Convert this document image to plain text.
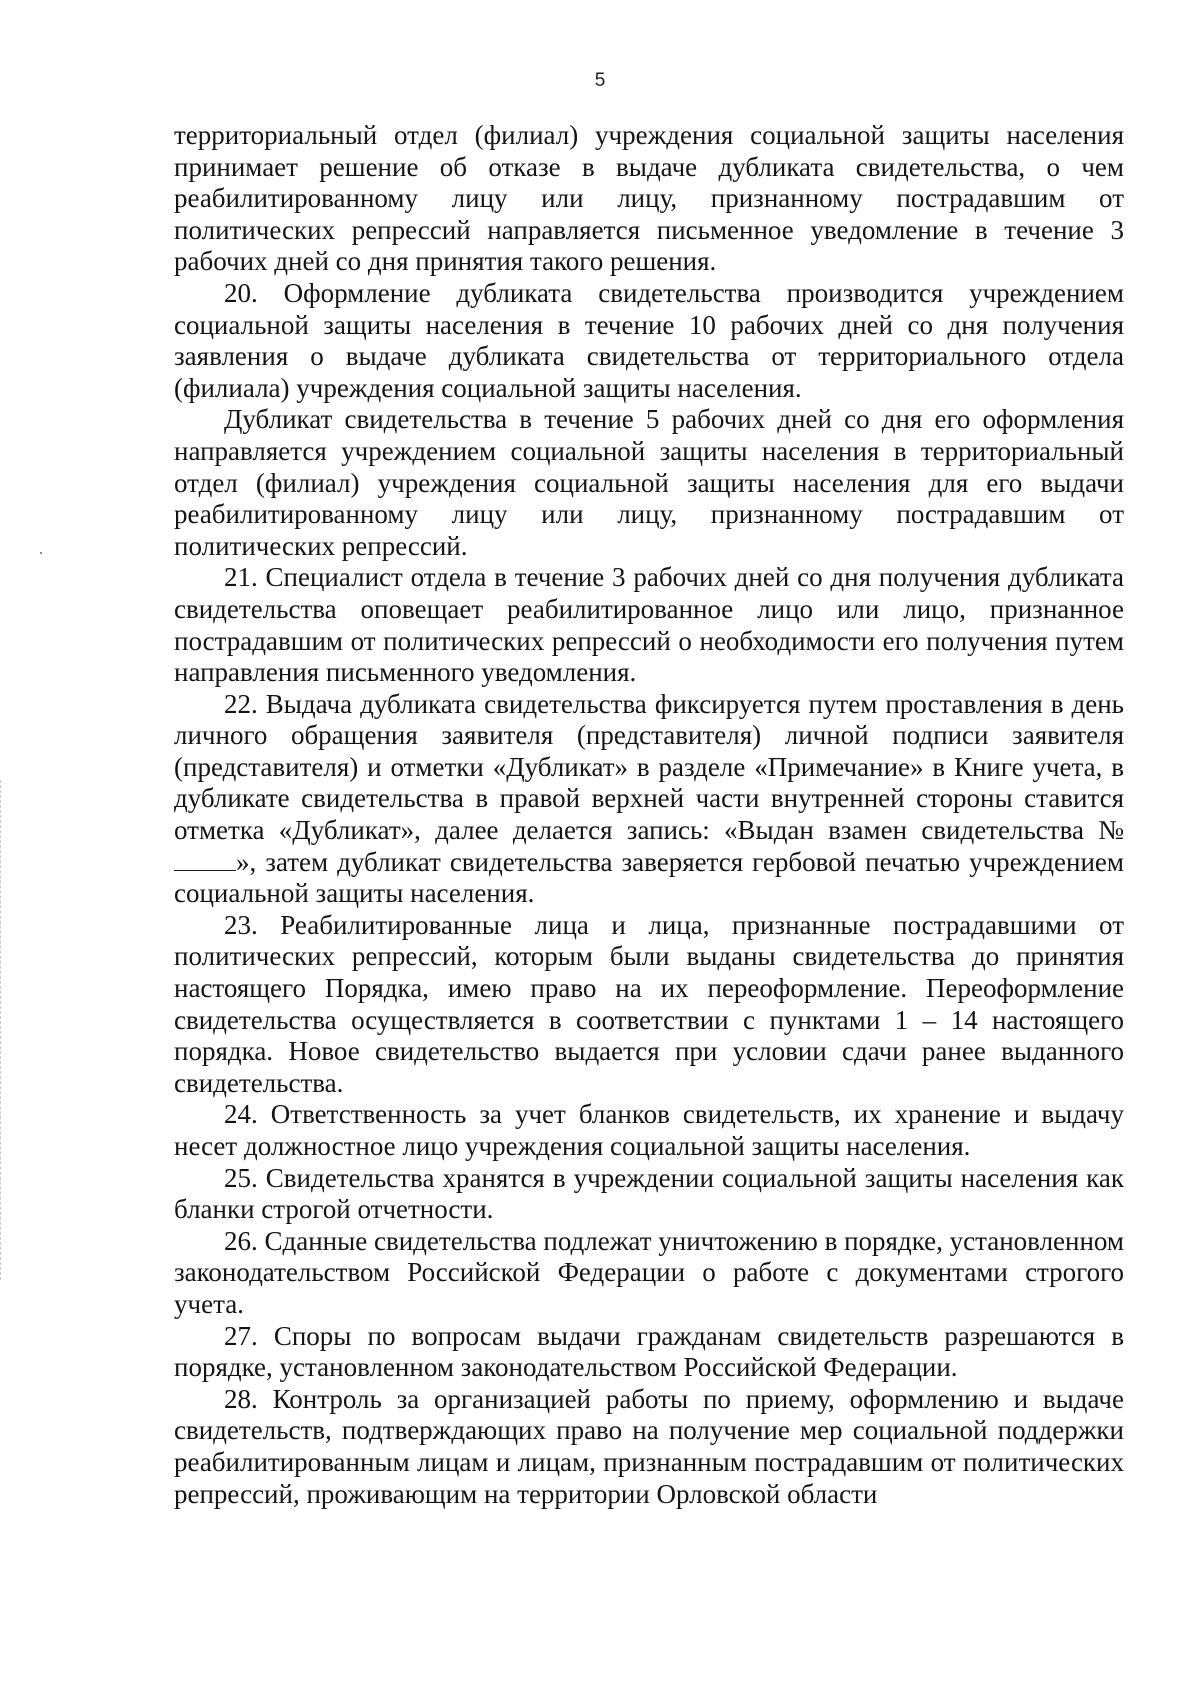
5

территориальный отдел (филиал) учреждения социальной защиты населения принимает решение об отказе в выдаче дубликата свидетельства, о чем реабилитированному лицу или лицу, признанному пострадавшим от политических репрессий направляется письменное уведомление в течение 3 рабочих дней со дня принятия такого решения.

20. Оформление дубликата свидетельства производится учреждением социальной защиты населения в течение 10 рабочих дней со дня получения заявления о выдаче дубликата свидетельства от территориального отдела (филиала) учреждения социальной защиты населения.

Дубликат свидетельства в течение 5 рабочих дней со дня его оформления направляется учреждением социальной защиты населения в территориальный отдел (филиал) учреждения социальной защиты населения для его выдачи реабилитированному лицу или лицу, признанному пострадавшим от политических репрессий.

21. Специалист отдела в течение 3 рабочих дней со дня получения дубликата свидетельства оповещает реабилитированное лицо или лицо, признанное пострадавшим от политических репрессий о необходимости его получения путем направления письменного уведомления.

22. Выдача дубликата свидетельства фиксируется путем проставления в день личного обращения заявителя (представителя) личной подписи заявителя (представителя) и отметки «Дубликат» в разделе «Примечание» в Книге учета, в дубликате свидетельства в правой верхней части внутренней стороны ставится отметка «Дубликат», далее делается запись: «Выдан взамен свидетельства №», затем дубликат свидетельства заверяется гербовой печатью учреждением социальной защиты населения.

23. Реабилитированные лица и лица, признанные пострадавшими от политических репрессий, которым были выданы свидетельства до принятия настоящего Порядка, имею право на их переоформление. Переоформление свидетельства осуществляется в соответствии с пунктами 1 – 14 настоящего порядка. Новое свидетельство выдается при условии сдачи ранее выданного свидетельства.

24. Ответственность за учет бланков свидетельств, их хранение и выдачу несет должностное лицо учреждения социальной защиты населения.

25. Свидетельства хранятся в учреждении социальной защиты населения как бланки строгой отчетности.

26. Сданные свидетельства подлежат уничтожению в порядке, установленном законодательством Российской Федерации о работе с документами строгого учета.

27. Споры по вопросам выдачи гражданам свидетельств разрешаются в порядке, установленном законодательством Российской Федерации.

28. Контроль за организацией работы по приему, оформлению и выдаче свидетельств, подтверждающих право на получение мер социальной поддержки реабилитированным лицам и лицам, признанным пострадавшим от политических репрессий, проживающим на территории Орловской области
